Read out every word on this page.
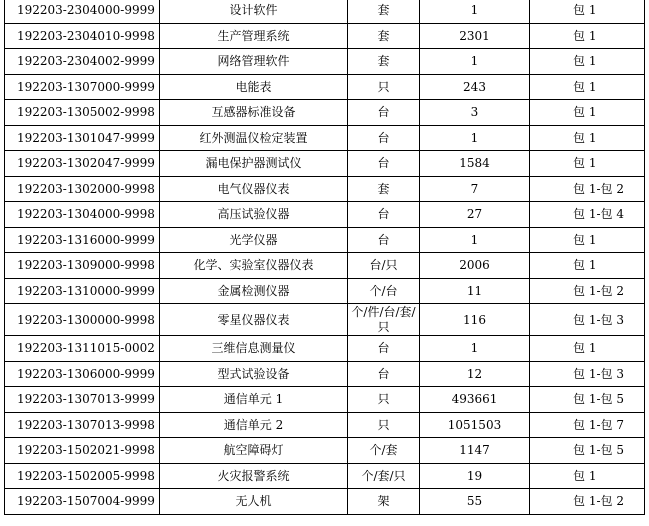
192203-2304000-9999	设计软件	套	1	包 1
192203-2304010-9998	生产管理系统	套	2301	包 1
192203-2304002-9999	网络管理软件	套	1	包 1
192203-1307000-9999	电能表	只	243	包 1
192203-1305002-9998	互感器标准设备	台	3	包 1
192203-1301047-9999	红外测温仪检定装置	台	1	包 1
192203-1302047-9999	漏电保护器测试仪	台	1584	包 1
192203-1302000-9998	电气仪器仪表	套	7	包 1-包 2
192203-1304000-9998	高压试验仪器	台	27	包 1-包 4
192203-1316000-9999	光学仪器	台	1	包 1
192203-1309000-9998	化学、实验室仪器仪表	台/只	2006	包 1
192203-1310000-9999	金属检测仪器	个/台	11	包 1-包 2
192203-1300000-9998	零星仪器仪表	个/件/台/套/只	116	包 1-包 3
192203-1311015-0002	三维信息测量仪	台	1	包 1
192203-1306000-9999	型式试验设备	台	12	包 1-包 3
192203-1307013-9999	通信单元 1	只	493661	包 1-包 5
192203-1307013-9998	通信单元 2	只	1051503	包 1-包 7
192203-1502021-9998	航空障碍灯	个/套	1147	包 1-包 5
192203-1502005-9998	火灾报警系统	个/套/只	19	包 1
192203-1507004-9999	无人机	架	55	包 1-包 2
